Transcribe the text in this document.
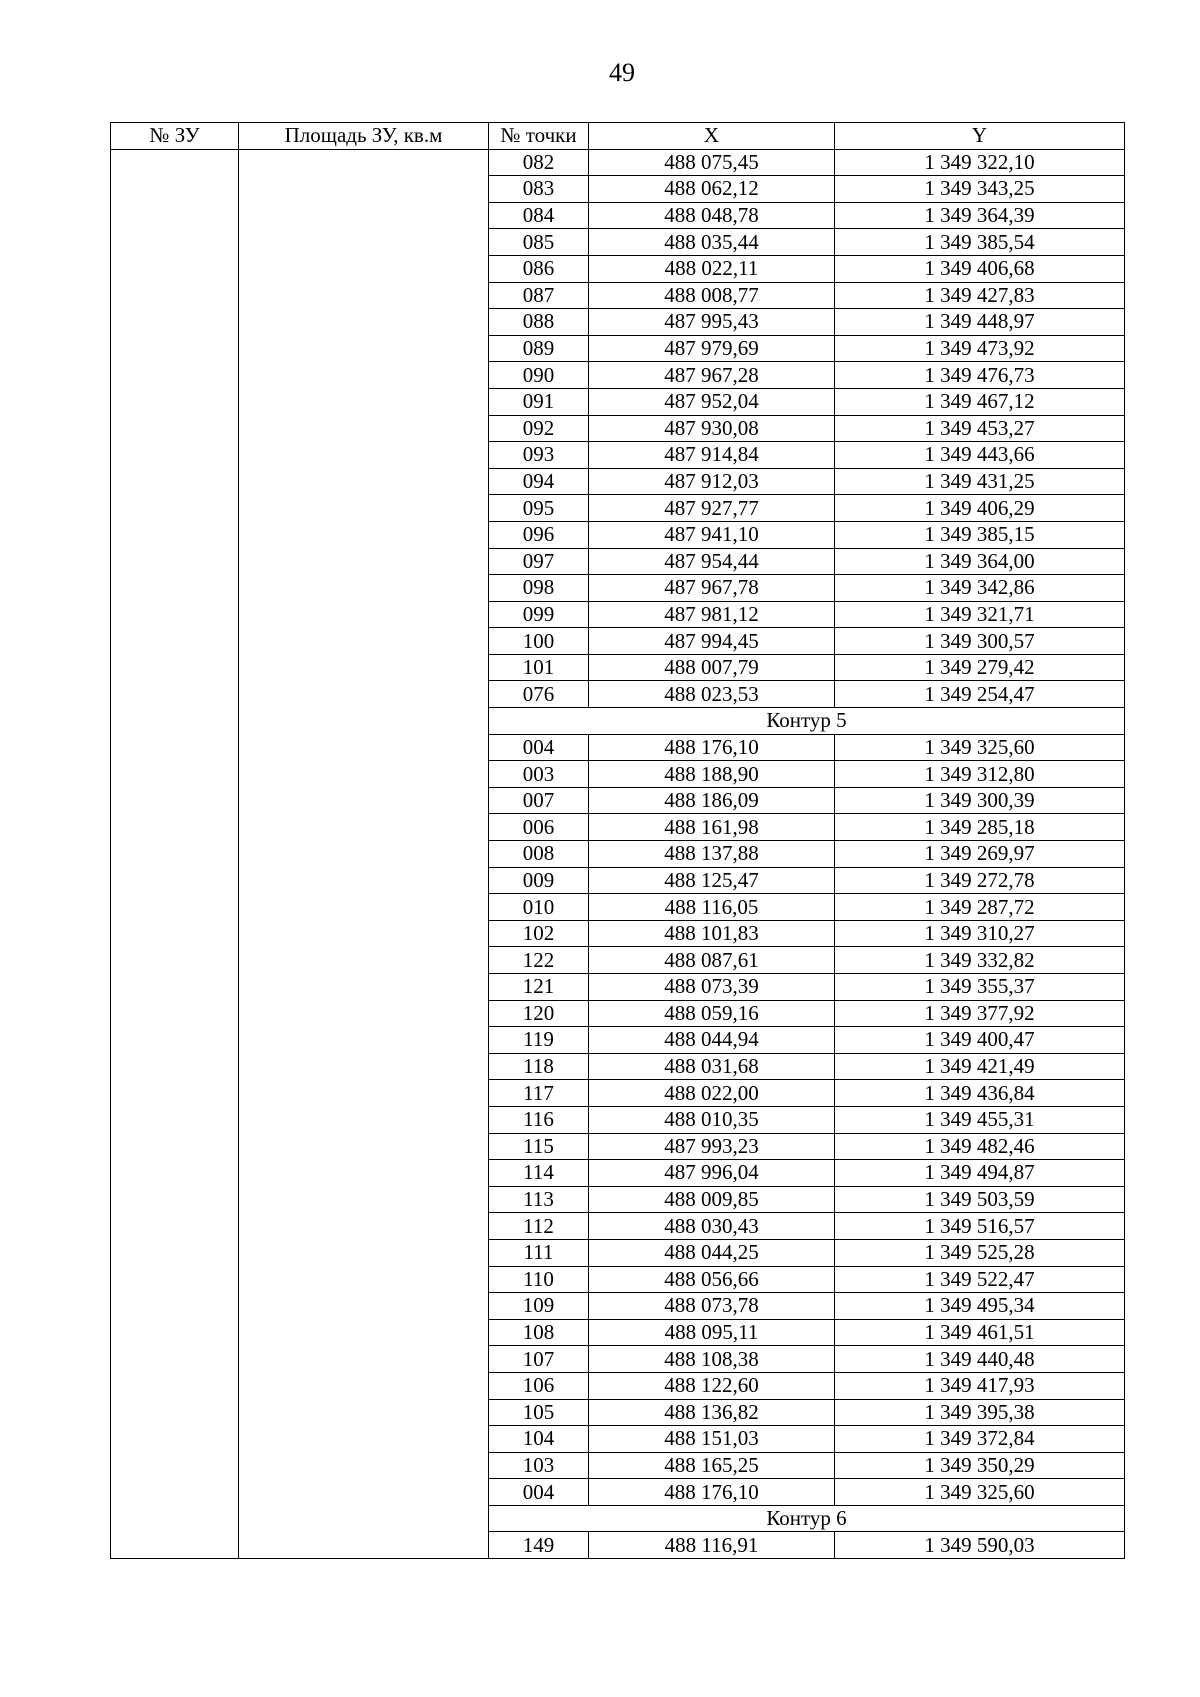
49
№ ЗУ	Площадь ЗУ, кв.м	№ точки	X	Y
		082	488 075,45	1 349 322,10
		083	488 062,12	1 349 343,25
		084	488 048,78	1 349 364,39
		085	488 035,44	1 349 385,54
		086	488 022,11	1 349 406,68
		087	488 008,77	1 349 427,83
		088	487 995,43	1 349 448,97
		089	487 979,69	1 349 473,92
		090	487 967,28	1 349 476,73
		091	487 952,04	1 349 467,12
		092	487 930,08	1 349 453,27
		093	487 914,84	1 349 443,66
		094	487 912,03	1 349 431,25
		095	487 927,77	1 349 406,29
		096	487 941,10	1 349 385,15
		097	487 954,44	1 349 364,00
		098	487 967,78	1 349 342,86
		099	487 981,12	1 349 321,71
		100	487 994,45	1 349 300,57
		101	488 007,79	1 349 279,42
		076	488 023,53	1 349 254,47
		Контур 5		
		004	488 176,10	1 349 325,60
		003	488 188,90	1 349 312,80
		007	488 186,09	1 349 300,39
		006	488 161,98	1 349 285,18
		008	488 137,88	1 349 269,97
		009	488 125,47	1 349 272,78
		010	488 116,05	1 349 287,72
		102	488 101,83	1 349 310,27
		122	488 087,61	1 349 332,82
		121	488 073,39	1 349 355,37
		120	488 059,16	1 349 377,92
		119	488 044,94	1 349 400,47
		118	488 031,68	1 349 421,49
		117	488 022,00	1 349 436,84
		116	488 010,35	1 349 455,31
		115	487 993,23	1 349 482,46
		114	487 996,04	1 349 494,87
		113	488 009,85	1 349 503,59
		112	488 030,43	1 349 516,57
		111	488 044,25	1 349 525,28
		110	488 056,66	1 349 522,47
		109	488 073,78	1 349 495,34
		108	488 095,11	1 349 461,51
		107	488 108,38	1 349 440,48
		106	488 122,60	1 349 417,93
		105	488 136,82	1 349 395,38
		104	488 151,03	1 349 372,84
		103	488 165,25	1 349 350,29
		004	488 176,10	1 349 325,60
		Контур 6		
		149	488 116,91	1 349 590,03
